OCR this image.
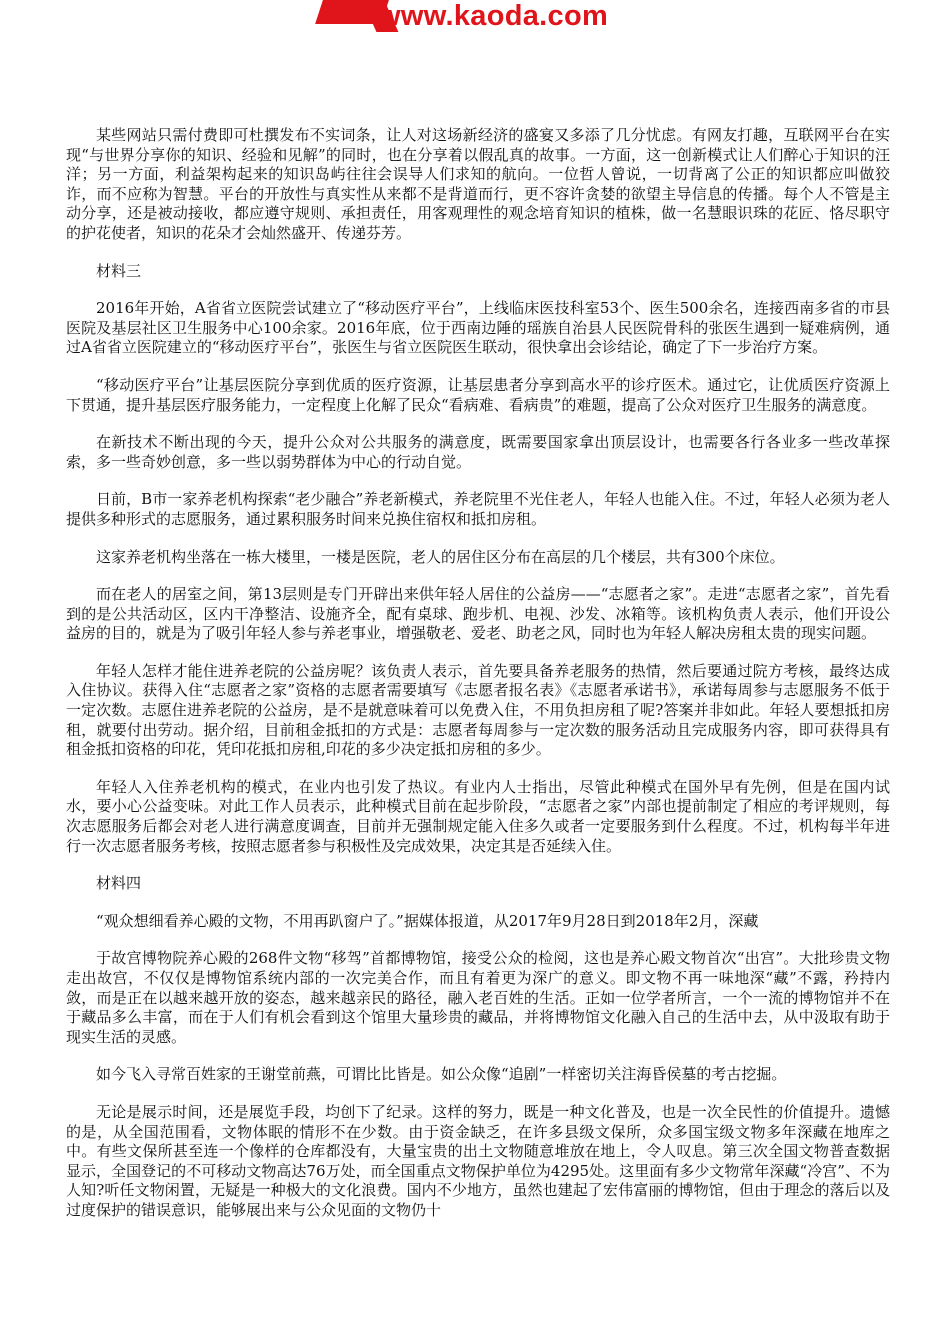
www.kaoda.com

某些网站只需付费即可杜撰发布不实词条，让人对这场新经济的盛宴又多添了几分忧虑。有网友打趣，互联网平台在实现“与世界分享你的知识、经验和见解”的同时，也在分享着以假乱真的故事。一方面，这一创新模式让人们醉心于知识的汪洋；另一方面，利益架构起来的知识岛屿往往会误导人们求知的航向。一位哲人曾说，一切背离了公正的知识都应叫做狡诈，而不应称为智慧。平台的开放性与真实性从来都不是背道而行，更不容许贪婪的欲望主导信息的传播。每个人不管是主动分享，还是被动接收，都应遵守规则、承担责任，用客观理性的观念培育知识的植株，做一名慧眼识珠的花匠、恪尽职守的护花使者，知识的花朵才会灿然盛开、传递芬芳。

材料三

2016年开始，A省省立医院尝试建立了“移动医疗平台”，上线临床医技科室53个、医生500余名，连接西南多省的市县医院及基层社区卫生服务中心100余家。2016年底，位于西南边陲的瑶族自治县人民医院骨科的张医生遇到一疑难病例，通过A省省立医院建立的“移动医疗平台”，张医生与省立医院医生联动，很快拿出会诊结论，确定了下一步治疗方案。

“移动医疗平台”让基层医院分享到优质的医疗资源，让基层患者分享到高水平的诊疗医术。通过它，让优质医疗资源上下贯通，提升基层医疗服务能力，一定程度上化解了民众“看病难、看病贵”的难题，提高了公众对医疗卫生服务的满意度。

在新技术不断出现的今天，提升公众对公共服务的满意度，既需要国家拿出顶层设计，也需要各行各业多一些改革探索，多一些奇妙创意，多一些以弱势群体为中心的行动自觉。

日前，B市一家养老机构探索“老少融合”养老新模式，养老院里不光住老人，年轻人也能入住。不过，年轻人必须为老人提供多种形式的志愿服务，通过累积服务时间来兑换住宿权和抵扣房租。

这家养老机构坐落在一栋大楼里，一楼是医院，老人的居住区分布在高层的几个楼层，共有300个床位。

而在老人的居室之间，第13层则是专门开辟出来供年轻人居住的公益房——“志愿者之家”。走进“志愿者之家”，首先看到的是公共活动区，区内干净整洁、设施齐全，配有桌球、跑步机、电视、沙发、冰箱等。该机构负责人表示，他们开设公益房的目的，就是为了吸引年轻人参与养老事业，增强敬老、爱老、助老之风，同时也为年轻人解决房租太贵的现实问题。

年轻人怎样才能住进养老院的公益房呢？该负责人表示，首先要具备养老服务的热情，然后要通过院方考核，最终达成入住协议。获得入住“志愿者之家”资格的志愿者需要填写《志愿者报名表》《志愿者承诺书》，承诺每周参与志愿服务不低于一定次数。志愿住进养老院的公益房，是不是就意味着可以免费入住，不用负担房租了呢?答案并非如此。年轻人要想抵扣房租，就要付出劳动。据介绍，目前租金抵扣的方式是：志愿者每周参与一定次数的服务活动且完成服务内容，即可获得具有租金抵扣资格的印花，凭印花抵扣房租,印花的多少决定抵扣房租的多少。

年轻人入住养老机构的模式，在业内也引发了热议。有业内人士指出，尽管此种模式在国外早有先例，但是在国内试水，要小心公益变味。对此工作人员表示，此种模式目前在起步阶段，“志愿者之家”内部也提前制定了相应的考评规则，每次志愿服务后都会对老人进行满意度调查，目前并无强制规定能入住多久或者一定要服务到什么程度。不过，机构每半年进行一次志愿者服务考核，按照志愿者参与积极性及完成效果，决定其是否延续入住。

材料四

“观众想细看养心殿的文物，不用再趴窗户了。”据媒体报道，从2017年9月28日到2018年2月，深藏

于故宫博物院养心殿的268件文物“移驾”首都博物馆，接受公众的检阅，这也是养心殿文物首次“出宫”。大批珍贵文物走出故宫，不仅仅是博物馆系统内部的一次完美合作，而且有着更为深广的意义。即文物不再一味地深“藏”不露，矜持内敛，而是正在以越来越开放的姿态，越来越亲民的路径，融入老百姓的生活。正如一位学者所言，一个一流的博物馆并不在于藏品多么丰富，而在于人们有机会看到这个馆里大量珍贵的藏品，并将博物馆文化融入自己的生活中去，从中汲取有助于现实生活的灵感。

如今飞入寻常百姓家的王谢堂前燕，可谓比比皆是。如公众像“追剧”一样密切关注海昏侯墓的考古挖掘。

无论是展示时间，还是展览手段，均创下了纪录。这样的努力，既是一种文化普及，也是一次全民性的价值提升。遗憾的是，从全国范围看，文物体眠的情形不在少数。由于资金缺乏，在许多县级文保所，众多国宝级文物多年深藏在地库之中。有些文保所甚至连一个像样的仓库都没有，大量宝贵的出土文物随意堆放在地上，令人叹息。第三次全国文物普查数据显示，全国登记的不可移动文物高达76万处，而全国重点文物保护单位为4295处。这里面有多少文物常年深藏“冷宫”、不为人知?听任文物闲置，无疑是一种极大的文化浪费。国内不少地方，虽然也建起了宏伟富丽的博物馆，但由于理念的落后以及过度保护的错误意识，能够展出来与公众见面的文物仍十
